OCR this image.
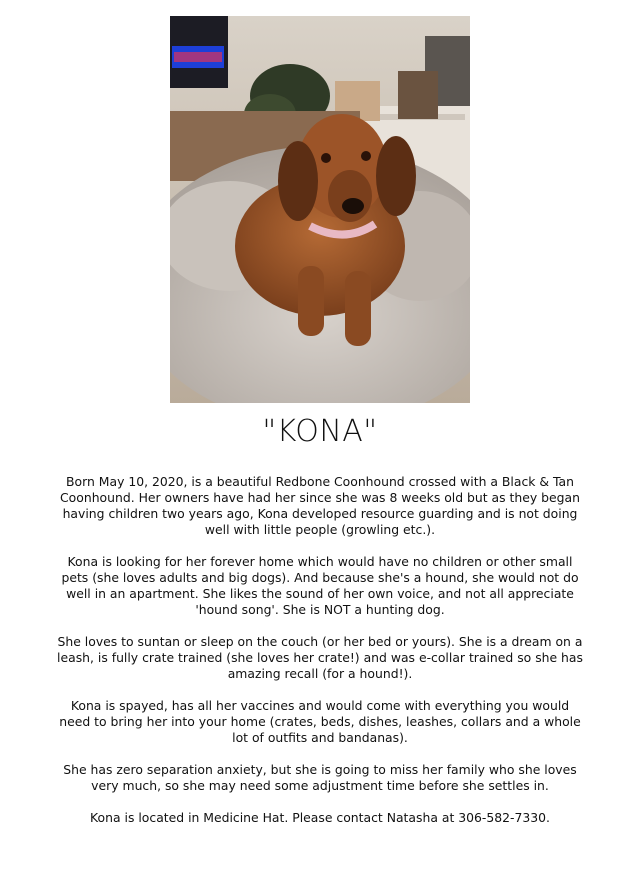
"KONA"

Born May 10, 2020, is a beautiful Redbone Coonhound crossed with a Black & Tan Coonhound. Her owners have had her since she was 8 weeks old but as they began having children two years ago, Kona developed resource guarding and is not doing well with little people (growling etc.).

Kona is looking for her forever home which would have no children or other small pets (she loves adults and big dogs). And because she's a hound, she would not do well in an apartment. She likes the sound of her own voice, and not all appreciate 'hound song'. She is NOT a hunting dog.

She loves to suntan or sleep on the couch (or her bed or yours). She is a dream on a leash, is fully crate trained (she loves her crate!) and was e-collar trained so she has amazing recall (for a hound!).

Kona is spayed, has all her vaccines and would come with everything you would need to bring her into your home (crates, beds, dishes, leashes, collars and a whole lot of outfits and bandanas).

She has zero separation anxiety, but she is going to miss her family who she loves very much, so she may need some adjustment time before she settles in.

Kona is located in Medicine Hat. Please contact Natasha at 306-582-7330.
